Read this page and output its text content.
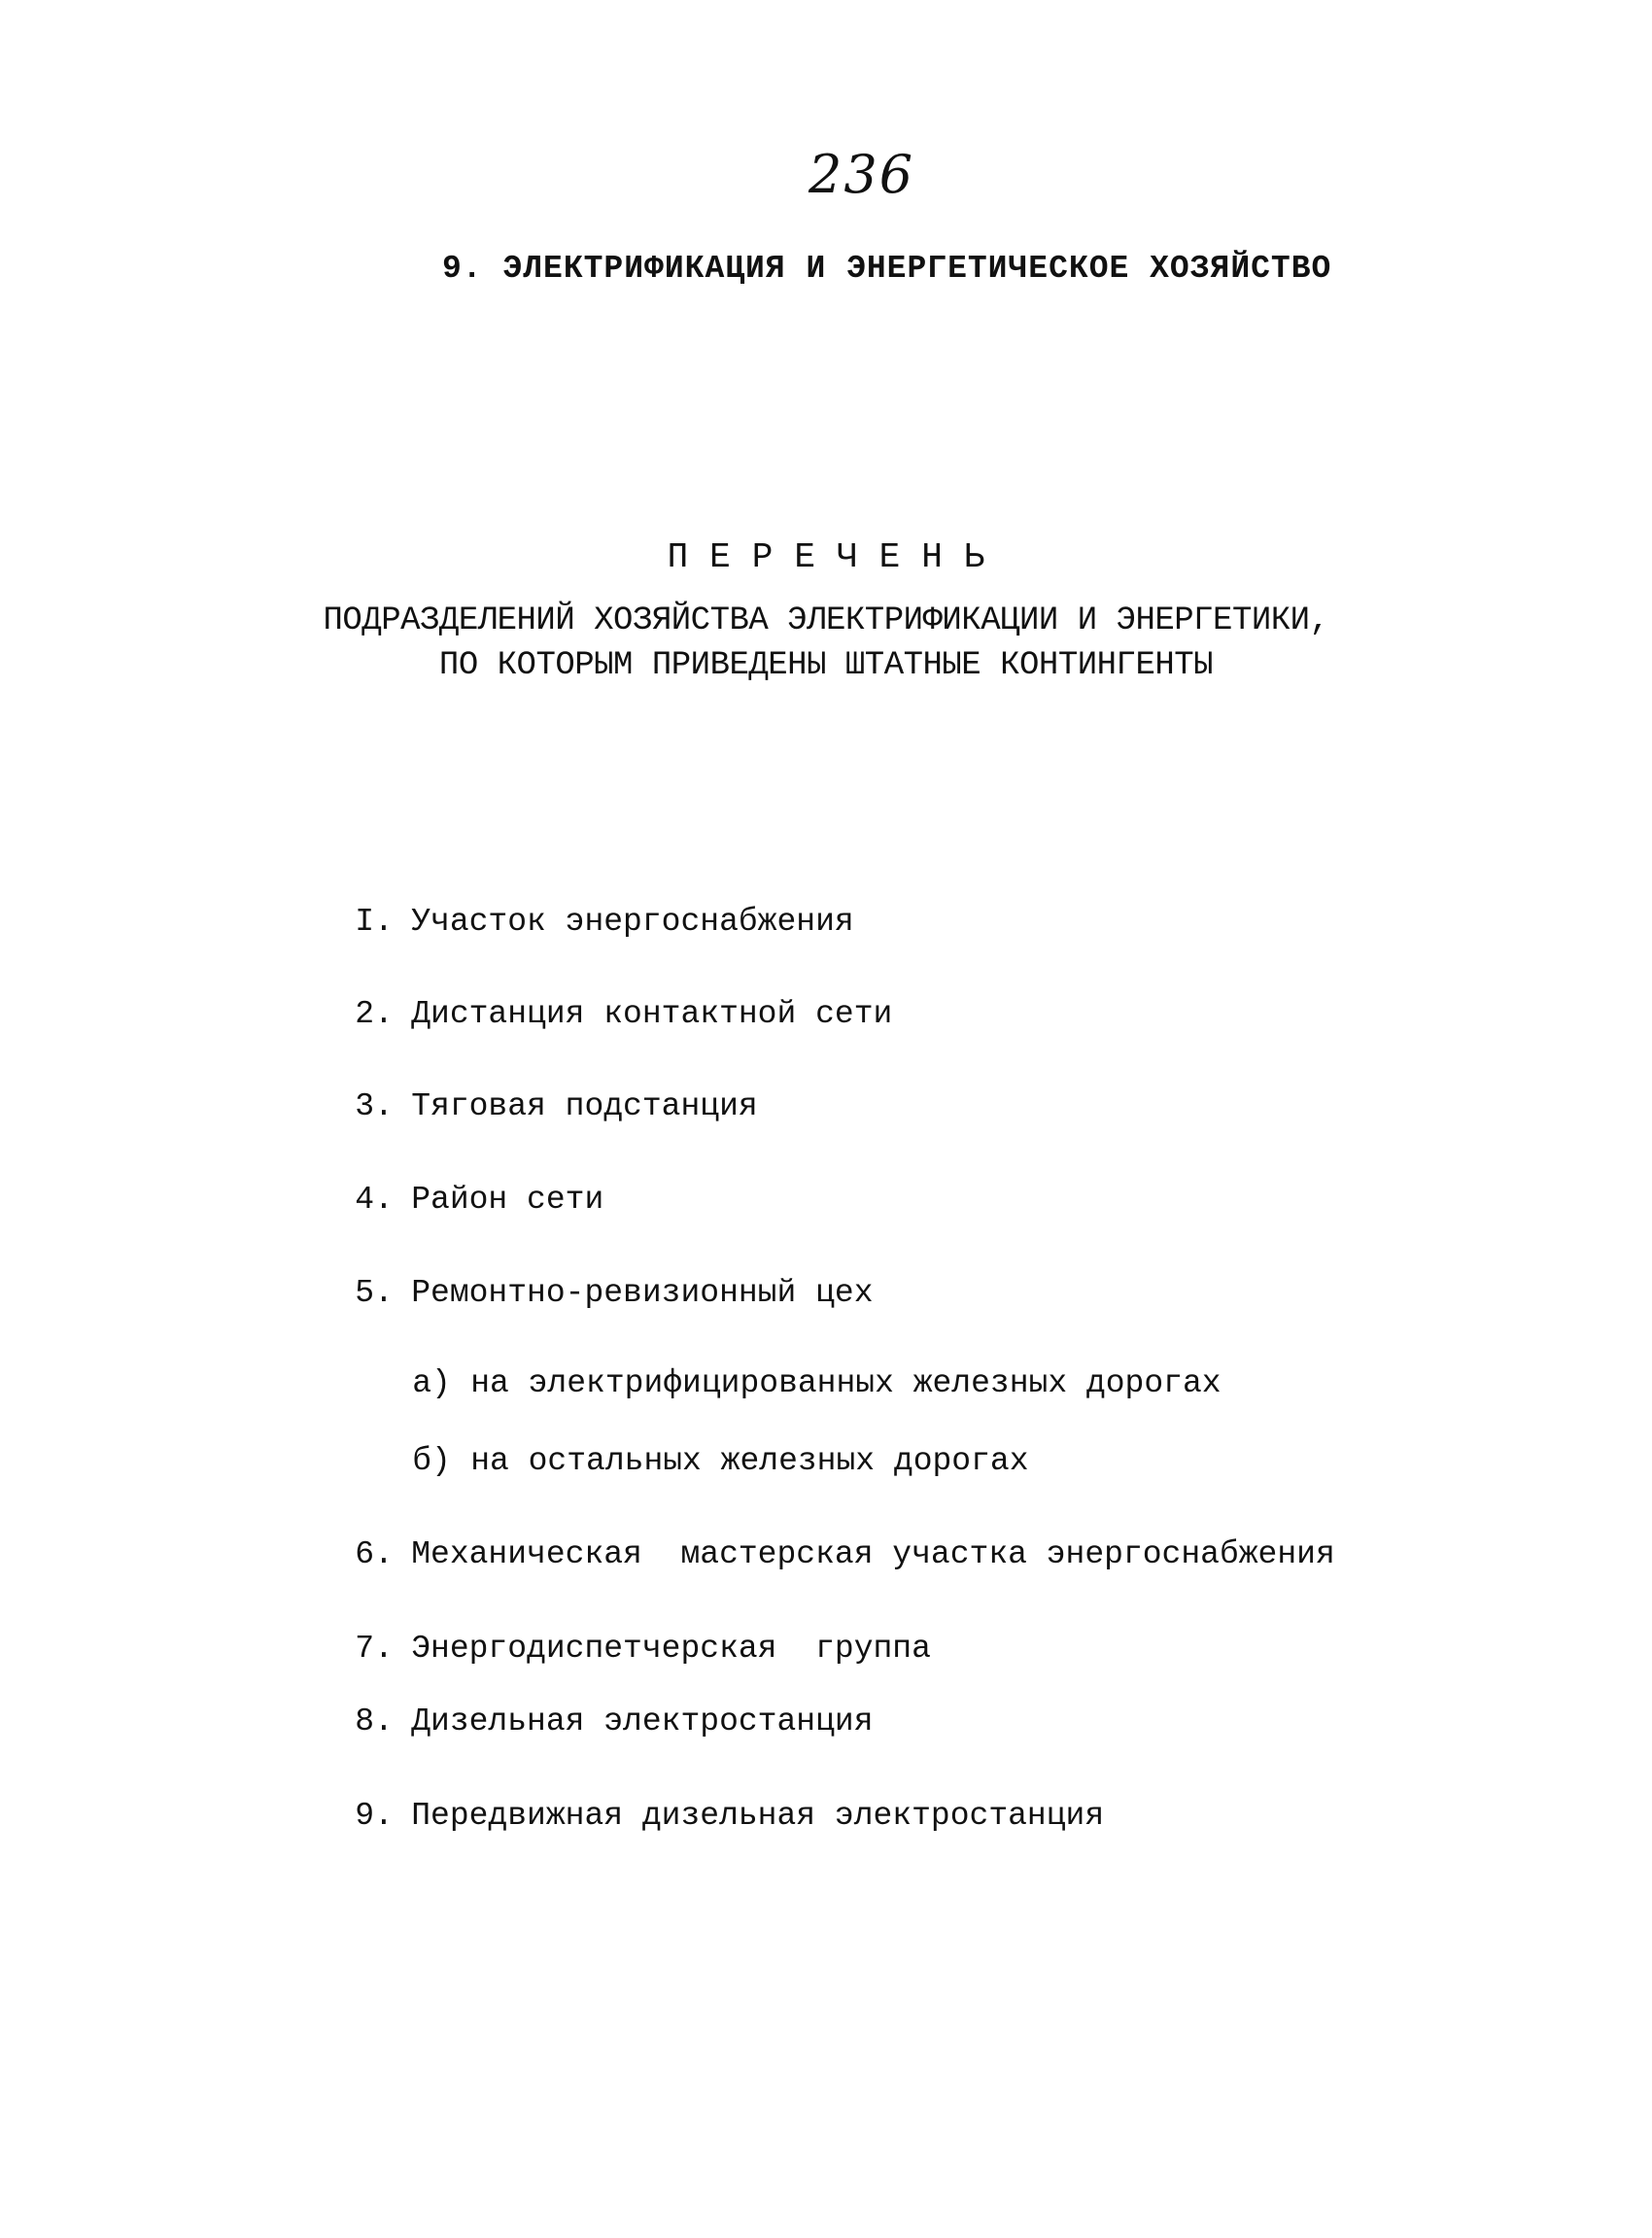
236
9. ЭЛЕКТРИФИКАЦИЯ И ЭНЕРГЕТИЧЕСКОЕ ХОЗЯЙСТВО
ПЕРЕЧЕНЬ
ПОДРАЗДЕЛЕНИЙ ХОЗЯЙСТВА ЭЛЕКТРИФИКАЦИИ И ЭНЕРГЕТИКИ,
ПО КОТОРЫМ ПРИВЕДЕНЫ ШТАТНЫЕ КОНТИНГЕНТЫ

I. Участок энергоснабжения

2. Дистанция контактной сети

3. Тяговая подстанция

4. Район сети

5. Ремонтно-ревизионный цех

а) на электрифицированных железных дорогах

б) на остальных железных дорогах

6. Механическая  мастерская участка энергоснабжения

7. Энергодиспетчерская  группа

8. Дизельная электростанция

9. Передвижная дизельная электростанция
